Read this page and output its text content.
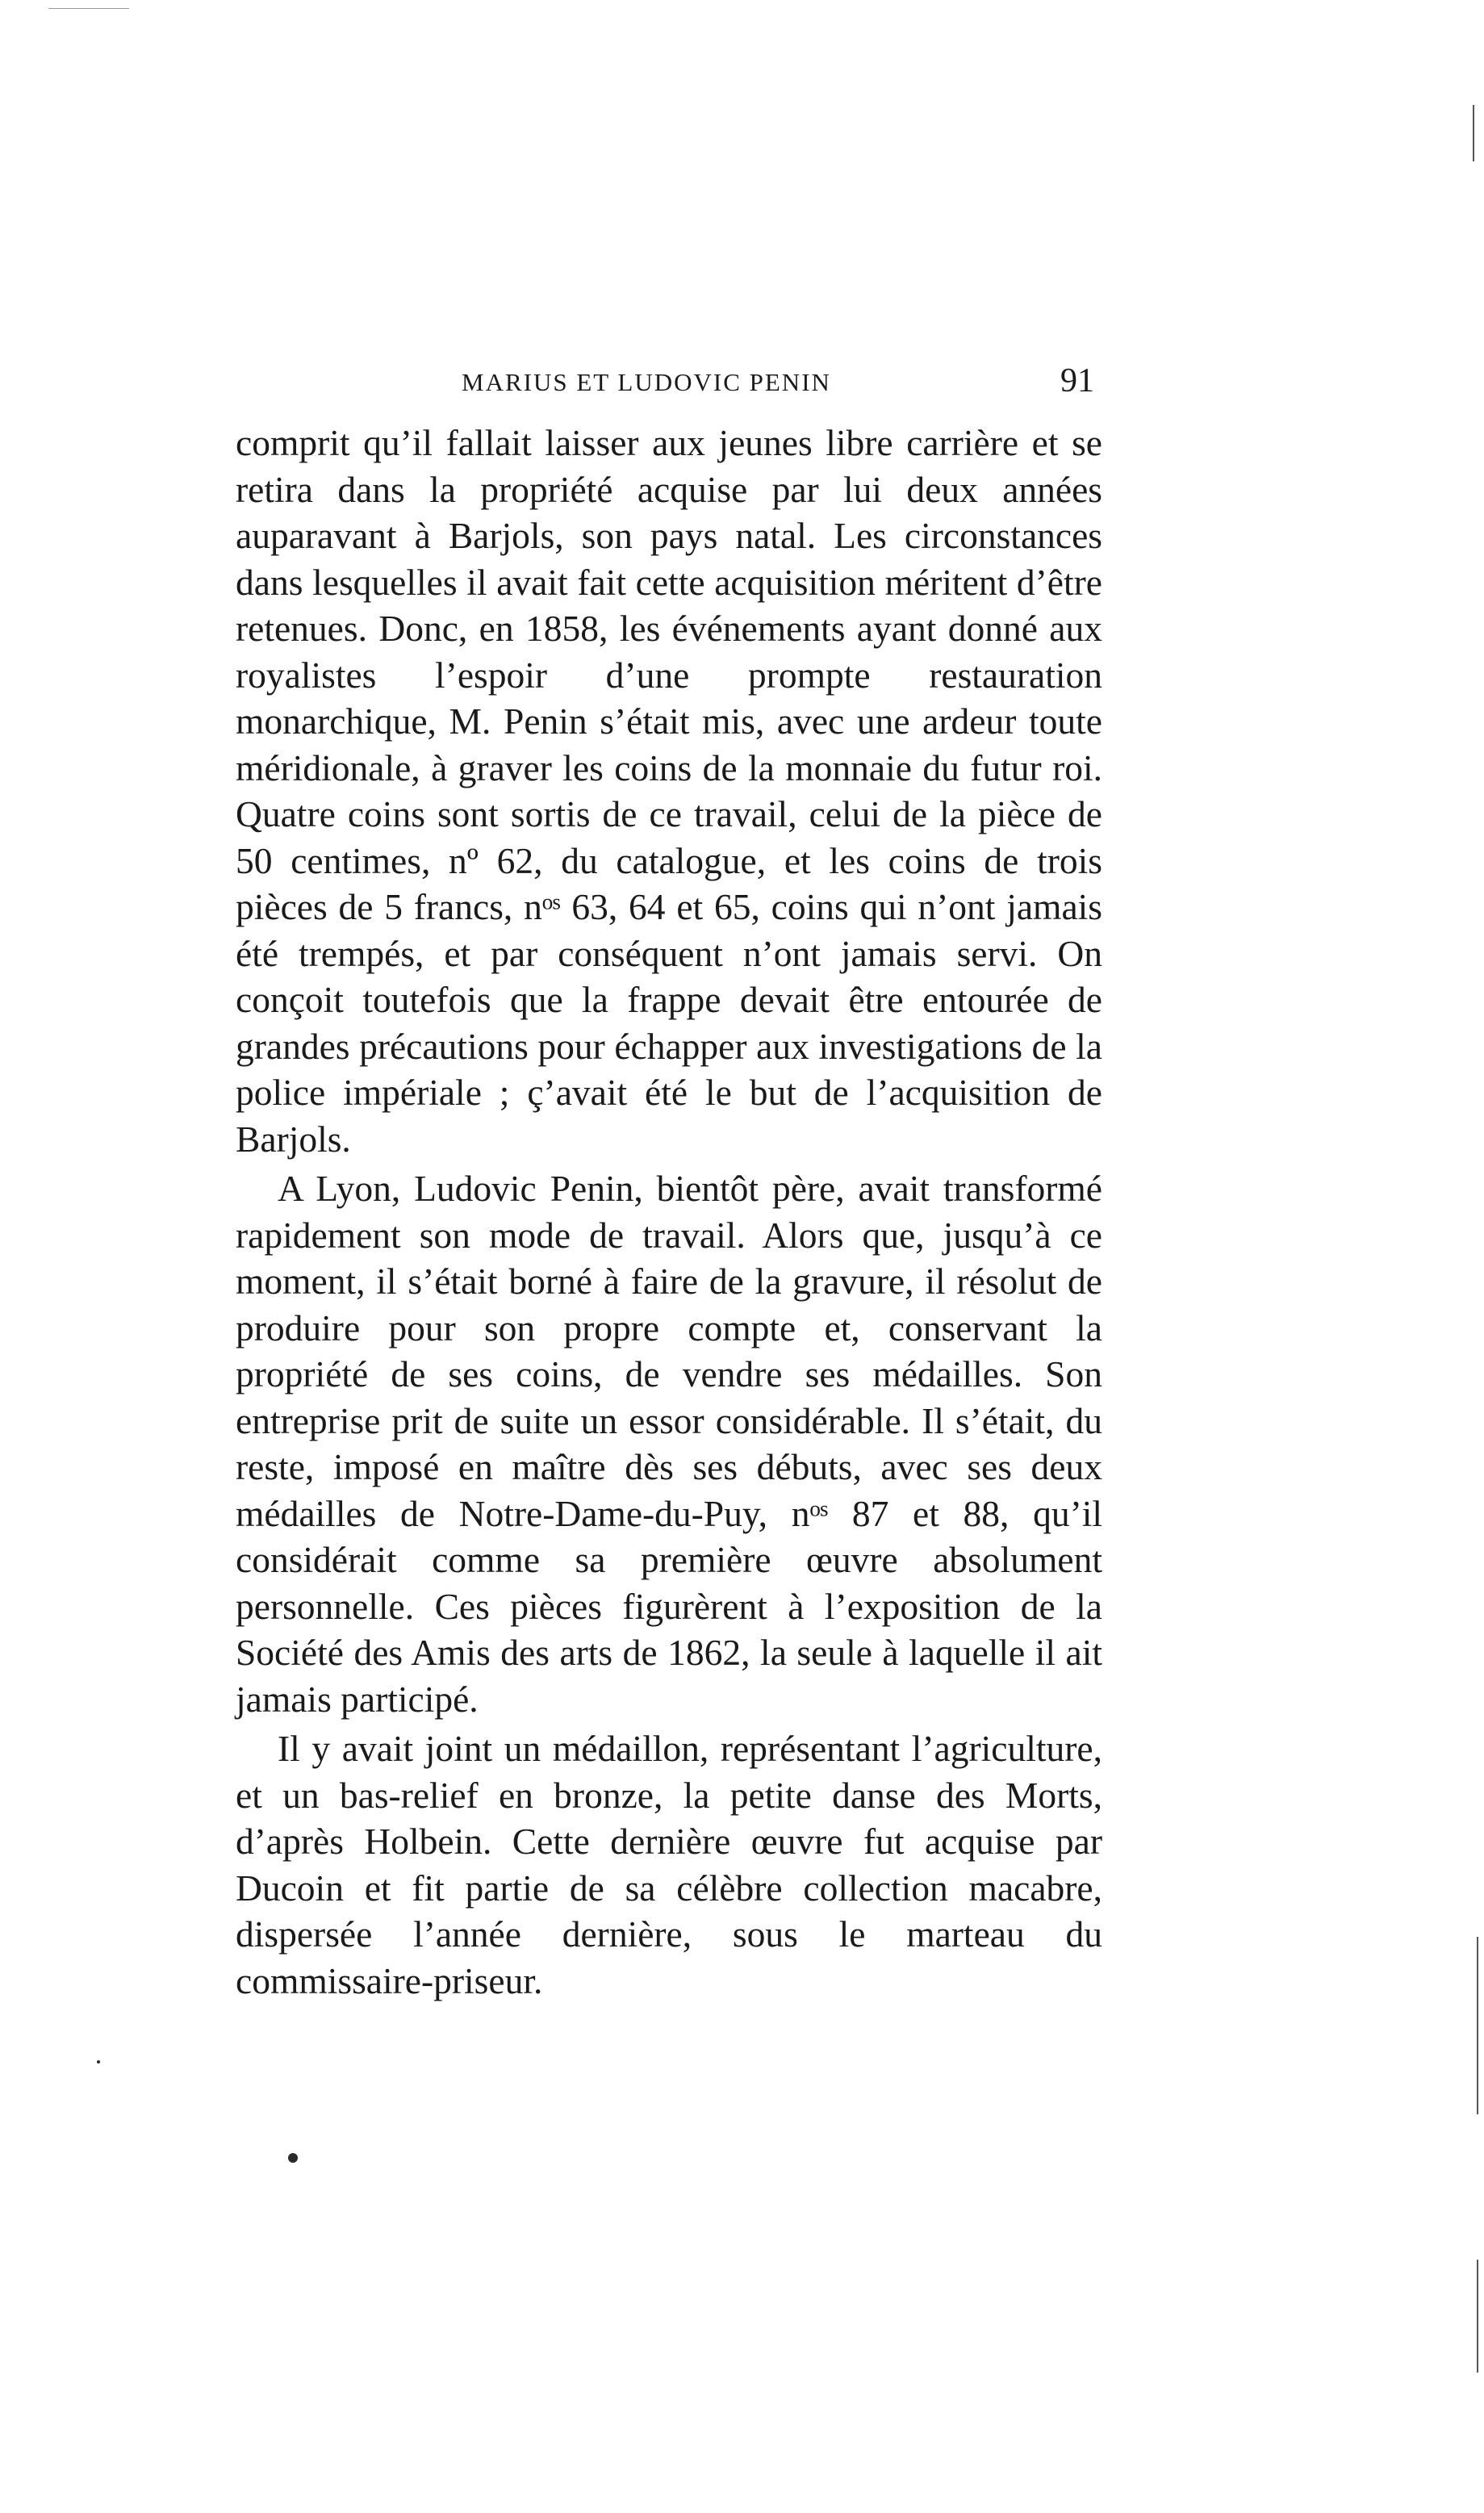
MARIUS ET LUDOVIC PENIN	91

comprit qu’il fallait laisser aux jeunes libre carrière et se retira dans la propriété acquise par lui deux années auparavant à Barjols, son pays natal. Les circonstances dans lesquelles il avait fait cette acquisition méritent d’être retenues. Donc, en 1858, les événements ayant donné aux royalistes l’espoir d’une prompte restauration monarchique, M. Penin s’était mis, avec une ardeur toute méridionale, à graver les coins de la monnaie du futur roi. Quatre coins sont sortis de ce travail, celui de la pièce de 50 centimes, nº 62, du catalogue, et les coins de trois pièces de 5 francs, nᵒˢ 63, 64 et 65, coins qui n’ont jamais été trempés, et par conséquent n’ont jamais servi. On conçoit toutefois que la frappe devait être entourée de grandes précautions pour échapper aux investigations de la police impériale ; ç’avait été le but de l’acquisition de Barjols.

A Lyon, Ludovic Penin, bientôt père, avait transformé rapidement son mode de travail. Alors que, jusqu’à ce moment, il s’était borné à faire de la gravure, il résolut de produire pour son propre compte et, conservant la propriété de ses coins, de vendre ses médailles. Son entreprise prit de suite un essor considérable. Il s’était, du reste, imposé en maître dès ses débuts, avec ses deux médailles de Notre-Dame-du-Puy, nᵒˢ 87 et 88, qu’il considérait comme sa première œuvre absolument personnelle. Ces pièces figurèrent à l’exposition de la Société des Amis des arts de 1862, la seule à laquelle il ait jamais participé.

Il y avait joint un médaillon, représentant l’agriculture, et un bas-relief en bronze, la petite danse des Morts, d’après Holbein. Cette dernière œuvre fut acquise par Ducoin et fit partie de sa célèbre collection macabre, dispersée l’année dernière, sous le marteau du commissaire-priseur.
